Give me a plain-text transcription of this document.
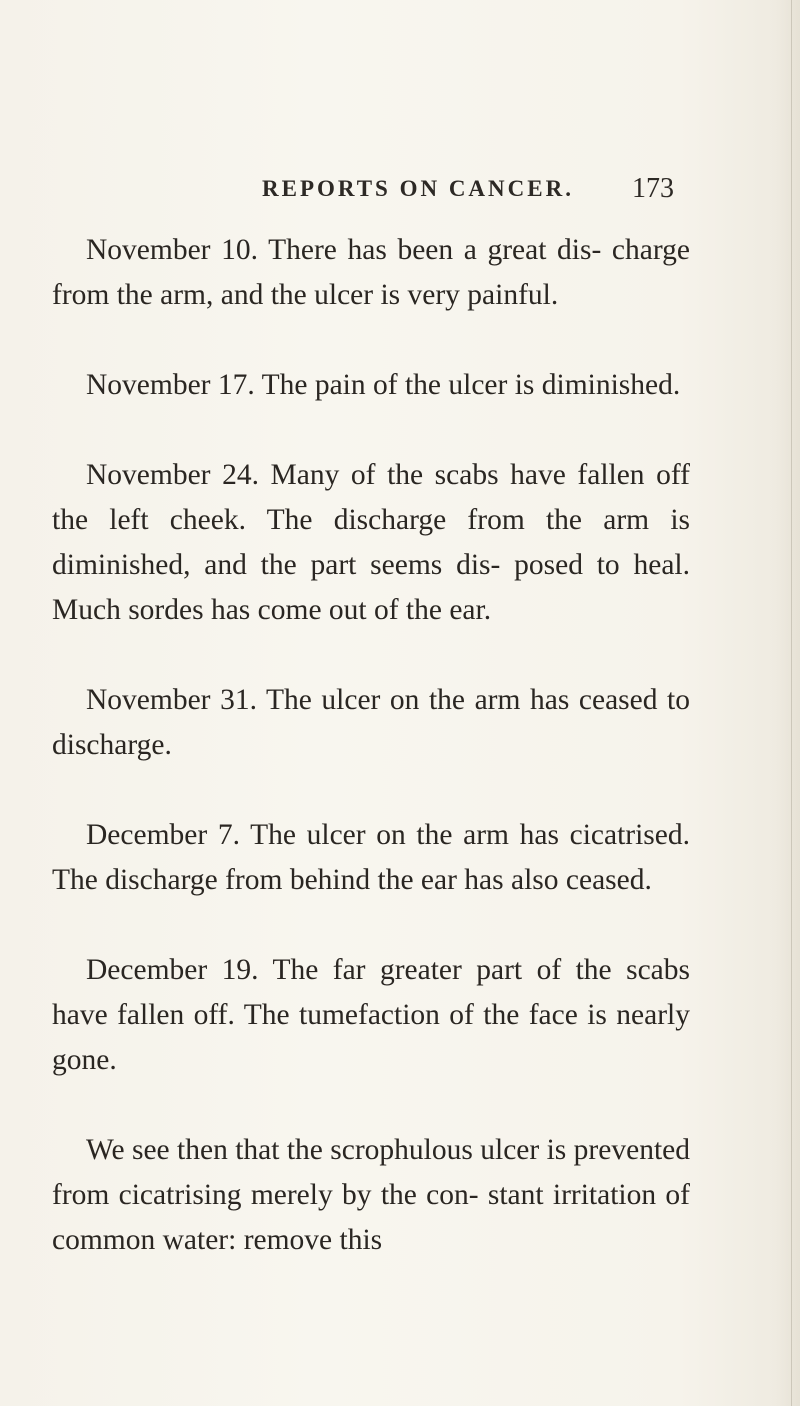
REPORTS ON CANCER. 173

November 10. There has been a great dis- charge from the arm, and the ulcer is very painful.

November 17. The pain of the ulcer is diminished.

November 24. Many of the scabs have fallen off the left cheek. The discharge from the arm is diminished, and the part seems dis- posed to heal. Much sordes has come out of the ear.

November 31. The ulcer on the arm has ceased to discharge.

December 7. The ulcer on the arm has cicatrised. The discharge from behind the ear has also ceased.

December 19. The far greater part of the scabs have fallen off. The tumefaction of the face is nearly gone.

We see then that the scrophulous ulcer is prevented from cicatrising merely by the con- stant irritation of common water: remove this
